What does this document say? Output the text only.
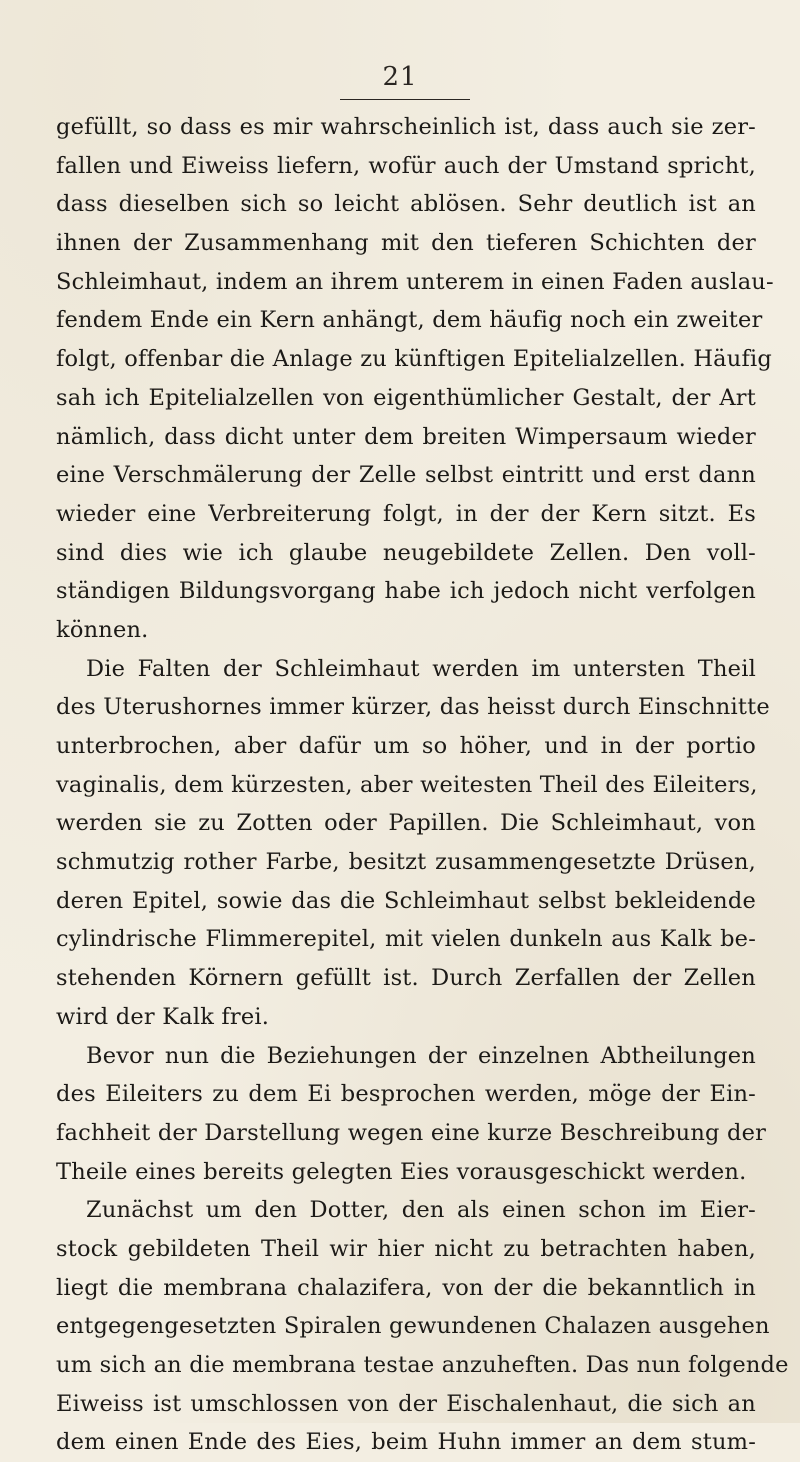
21
gefüllt, so dass es mir wahrscheinlich ist, dass auch sie zer-
fallen und Eiweiss liefern, wofür auch der Umstand spricht,
dass dieselben sich so leicht ablösen. Sehr deutlich ist an
ihnen der Zusammenhang mit den tieferen Schichten der
Schleimhaut, indem an ihrem unterem in einen Faden auslau-
fendem Ende ein Kern anhängt, dem häufig noch ein zweiter
folgt, offenbar die Anlage zu künftigen Epitelialzellen. Häufig
sah ich Epitelialzellen von eigenthümlicher Gestalt, der Art
nämlich, dass dicht unter dem breiten Wimpersaum wieder
eine Verschmälerung der Zelle selbst eintritt und erst dann
wieder eine Verbreiterung folgt, in der der Kern sitzt. Es
sind dies wie ich glaube neugebildete Zellen. Den voll-
ständigen Bildungsvorgang habe ich jedoch nicht verfolgen
können.
Die Falten der Schleimhaut werden im untersten Theil
des Uterushornes immer kürzer, das heisst durch Einschnitte
unterbrochen, aber dafür um so höher, und in der portio
vaginalis, dem kürzesten, aber weitesten Theil des Eileiters,
werden sie zu Zotten oder Papillen. Die Schleimhaut, von
schmutzig rother Farbe, besitzt zusammengesetzte Drüsen,
deren Epitel, sowie das die Schleimhaut selbst bekleidende
cylindrische Flimmerepitel, mit vielen dunkeln aus Kalk be-
stehenden Körnern gefüllt ist. Durch Zerfallen der Zellen
wird der Kalk frei.
Bevor nun die Beziehungen der einzelnen Abtheilungen
des Eileiters zu dem Ei besprochen werden, möge der Ein-
fachheit der Darstellung wegen eine kurze Beschreibung der
Theile eines bereits gelegten Eies vorausgeschickt werden.
Zunächst um den Dotter, den als einen schon im Eier-
stock gebildeten Theil wir hier nicht zu betrachten haben,
liegt die membrana chalazifera, von der die bekanntlich in
entgegengesetzten Spiralen gewundenen Chalazen ausgehen
um sich an die membrana testae anzuheften. Das nun folgende
Eiweiss ist umschlossen von der Eischalenhaut, die sich an
dem einen Ende des Eies, beim Huhn immer an dem stum-
